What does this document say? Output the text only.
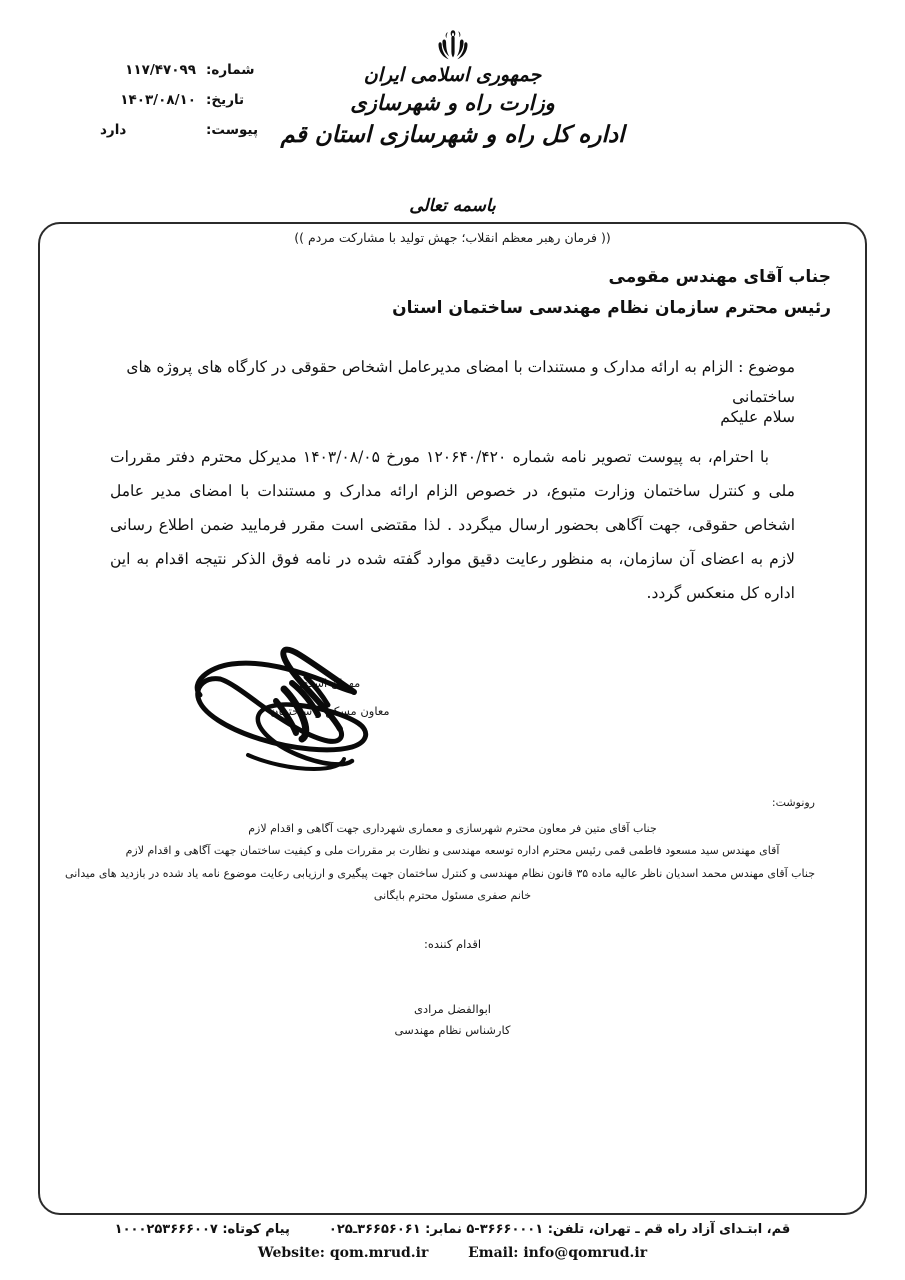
جمهوری اسلامی ایران
وزارت راه و شهرسازی
اداره کل راه و شهرسازی استان قم
باسمه تعالی
شماره:
۱۱۷/۴۷۰۹۹
تاریخ:
۱۴۰۳/۰۸/۱۰
پیوست:
دارد
(( فرمان رهبر معظم انقلاب؛ جهش تولید با مشارکت مردم ))
جناب آقای مهندس مقومی
رئیس محترم سازمان نظام مهندسی ساختمان استان
موضوع : الزام به ارائه مدارک و مستندات با امضای مدیرعامل اشخاص حقوقی در کارگاه های پروژه های ساختمانی
سلام علیکم
با احترام، به پیوست تصویر نامه شماره ۱۲۰۶۴۰/۴۲۰ مورخ ۱۴۰۳/۰۸/۰۵ مدیرکل محترم دفتر مقررات ملی و کنترل ساختمان وزارت متبوع، در خصوص الزام ارائه مدارک و مستندات با امضای مدیر عامل اشخاص حقوقی، جهت آگاهی بحضور ارسال میگردد . لذا مقتضی است مقرر فرمایید ضمن اطلاع رسانی لازم به اعضای آن سازمان، به منظور رعایت دقیق موارد گفته شده در نامه فوق الذکر نتیجه اقدام به این اداره کل منعکس گردد.
مهران اسدی
معاون مسکن و ساختمان
رونوشت:
جناب آقای متین فر معاون محترم شهرسازی و معماری شهرداری جهت آگاهی و اقدام لازم
آقای مهندس سید مسعود فاطمی قمی رئیس محترم اداره توسعه مهندسی و نظارت بر مقررات ملی و کیفیت ساختمان جهت آگاهی و اقدام لازم
جناب آقای مهندس محمد اسدیان ناظر عالیه ماده ۳۵ قانون نظام مهندسی و کنترل ساختمان جهت پیگیری و ارزیابی رعایت موضوع نامه یاد شده در بازدید های میدانی
خانم صفری مسئول محترم بایگانی
اقدام کننده:
ابوالفضل مرادی
کارشناس نظام مهندسی
قم، ابتـدای آزاد راه قم ـ تهران، تلفن: ۳۶۶۶۰۰۰۱-۵ نمابر: ۳۶۶۵۶۰۶۱ـ۰۲۵  پیام کوتاه: ۱۰۰۰۲۵۳۶۶۶۰۰۷
Website: qom.mrud.ir	Email: info@qomrud.ir
